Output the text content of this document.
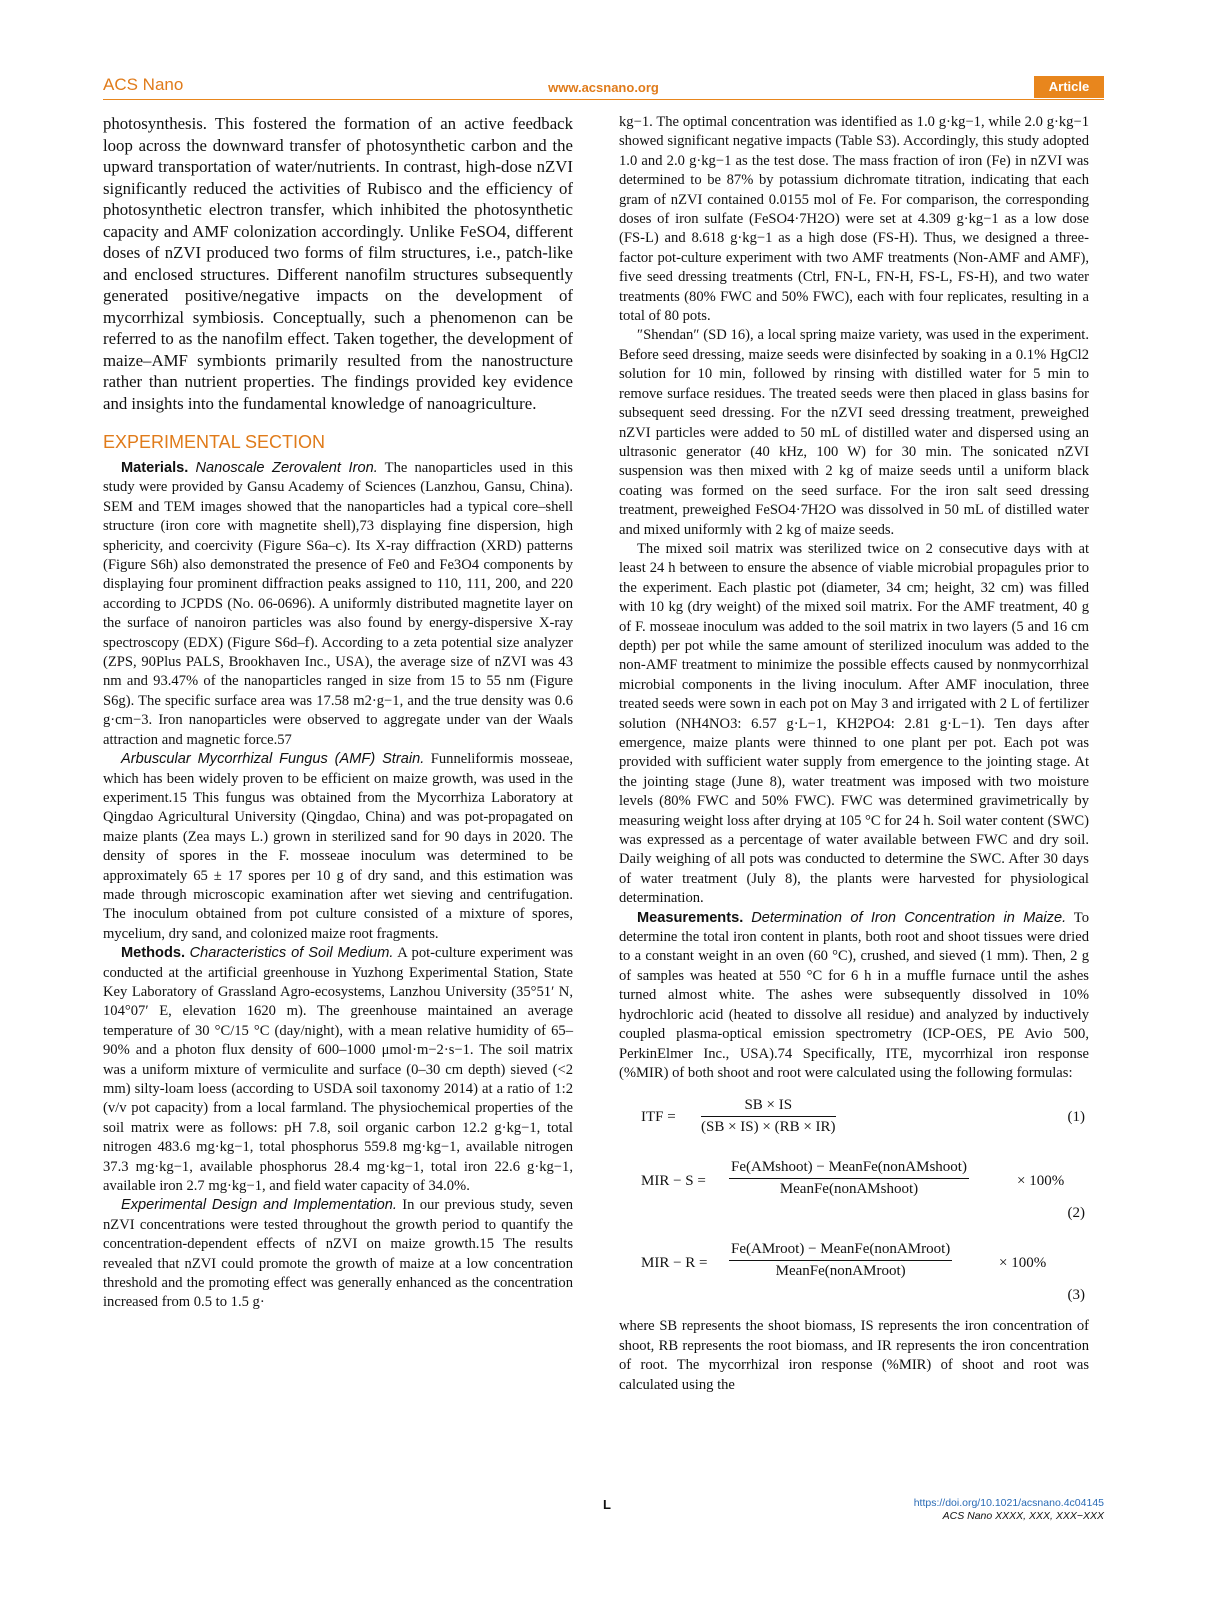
ACS Nano	www.acsnano.org	Article

photosynthesis. This fostered the formation of an active feedback loop across the downward transfer of photosynthetic carbon and the upward transportation of water/nutrients. In contrast, high-dose nZVI significantly reduced the activities of Rubisco and the efficiency of photosynthetic electron transfer, which inhibited the photosynthetic capacity and AMF colonization accordingly. Unlike FeSO4, different doses of nZVI produced two forms of film structures, i.e., patch-like and enclosed structures. Different nanofilm structures subsequently generated positive/negative impacts on the development of mycorrhizal symbiosis. Conceptually, such a phenomenon can be referred to as the nanofilm effect. Taken together, the development of maize–AMF symbionts primarily resulted from the nanostructure rather than nutrient properties. The findings provided key evidence and insights into the fundamental knowledge of nanoagriculture.

EXPERIMENTAL SECTION

Materials. Nanoscale Zerovalent Iron. The nanoparticles used in this study were provided by Gansu Academy of Sciences (Lanzhou, Gansu, China). SEM and TEM images showed that the nanoparticles had a typical core–shell structure (iron core with magnetite shell),73 displaying fine dispersion, high sphericity, and coercivity (Figure S6a–c). Its X-ray diffraction (XRD) patterns (Figure S6h) also demonstrated the presence of Fe0 and Fe3O4 components by displaying four prominent diffraction peaks assigned to 110, 111, 200, and 220 according to JCPDS (No. 06-0696). A uniformly distributed magnetite layer on the surface of nanoiron particles was also found by energy-dispersive X-ray spectroscopy (EDX) (Figure S6d–f). According to a zeta potential size analyzer (ZPS, 90Plus PALS, Brookhaven Inc., USA), the average size of nZVI was 43 nm and 93.47% of the nanoparticles ranged in size from 15 to 55 nm (Figure S6g). The specific surface area was 17.58 m2·g−1, and the true density was 0.6 g·cm−3. Iron nanoparticles were observed to aggregate under van der Waals attraction and magnetic force.57

Arbuscular Mycorrhizal Fungus (AMF) Strain. Funneliformis mosseae, which has been widely proven to be efficient on maize growth, was used in the experiment.15 This fungus was obtained from the Mycorrhiza Laboratory at Qingdao Agricultural University (Qingdao, China) and was pot-propagated on maize plants (Zea mays L.) grown in sterilized sand for 90 days in 2020. The density of spores in the F. mosseae inoculum was determined to be approximately 65 ± 17 spores per 10 g of dry sand, and this estimation was made through microscopic examination after wet sieving and centrifugation. The inoculum obtained from pot culture consisted of a mixture of spores, mycelium, dry sand, and colonized maize root fragments.

Methods. Characteristics of Soil Medium. A pot-culture experiment was conducted at the artificial greenhouse in Yuzhong Experimental Station, State Key Laboratory of Grassland Agro-ecosystems, Lanzhou University (35°51′ N, 104°07′ E, elevation 1620 m). The greenhouse maintained an average temperature of 30 °C/15 °C (day/night), with a mean relative humidity of 65–90% and a photon flux density of 600–1000 μmol·m−2·s−1. The soil matrix was a uniform mixture of vermiculite and surface (0–30 cm depth) sieved (<2 mm) silty-loam loess (according to USDA soil taxonomy 2014) at a ratio of 1:2 (v/v pot capacity) from a local farmland. The physiochemical properties of the soil matrix were as follows: pH 7.8, soil organic carbon 12.2 g·kg−1, total nitrogen 483.6 mg·kg−1, total phosphorus 559.8 mg·kg−1, available nitrogen 37.3 mg·kg−1, available phosphorus 28.4 mg·kg−1, total iron 22.6 g·kg−1, available iron 2.7 mg·kg−1, and field water capacity of 34.0%.

Experimental Design and Implementation. In our previous study, seven nZVI concentrations were tested throughout the growth period to quantify the concentration-dependent effects of nZVI on maize growth.15 The results revealed that nZVI could promote the growth of maize at a low concentration threshold and the promoting effect was generally enhanced as the concentration increased from 0.5 to 1.5 g·

kg−1. The optimal concentration was identified as 1.0 g·kg−1, while 2.0 g·kg−1 showed significant negative impacts (Table S3). Accordingly, this study adopted 1.0 and 2.0 g·kg−1 as the test dose. The mass fraction of iron (Fe) in nZVI was determined to be 87% by potassium dichromate titration, indicating that each gram of nZVI contained 0.0155 mol of Fe. For comparison, the corresponding doses of iron sulfate (FeSO4·7H2O) were set at 4.309 g·kg−1 as a low dose (FS-L) and 8.618 g·kg−1 as a high dose (FS-H). Thus, we designed a three-factor pot-culture experiment with two AMF treatments (Non-AMF and AMF), five seed dressing treatments (Ctrl, FN-L, FN-H, FS-L, FS-H), and two water treatments (80% FWC and 50% FWC), each with four replicates, resulting in a total of 80 pots.

″Shendan″ (SD 16), a local spring maize variety, was used in the experiment. Before seed dressing, maize seeds were disinfected by soaking in a 0.1% HgCl2 solution for 10 min, followed by rinsing with distilled water for 5 min to remove surface residues. The treated seeds were then placed in glass basins for subsequent seed dressing. For the nZVI seed dressing treatment, preweighed nZVI particles were added to 50 mL of distilled water and dispersed using an ultrasonic generator (40 kHz, 100 W) for 30 min. The sonicated nZVI suspension was then mixed with 2 kg of maize seeds until a uniform black coating was formed on the seed surface. For the iron salt seed dressing treatment, preweighed FeSO4·7H2O was dissolved in 50 mL of distilled water and mixed uniformly with 2 kg of maize seeds.

The mixed soil matrix was sterilized twice on 2 consecutive days with at least 24 h between to ensure the absence of viable microbial propagules prior to the experiment. Each plastic pot (diameter, 34 cm; height, 32 cm) was filled with 10 kg (dry weight) of the mixed soil matrix. For the AMF treatment, 40 g of F. mosseae inoculum was added to the soil matrix in two layers (5 and 16 cm depth) per pot while the same amount of sterilized inoculum was added to the non-AMF treatment to minimize the possible effects caused by nonmycorrhizal microbial components in the living inoculum. After AMF inoculation, three treated seeds were sown in each pot on May 3 and irrigated with 2 L of fertilizer solution (NH4NO3: 6.57 g·L−1, KH2PO4: 2.81 g·L−1). Ten days after emergence, maize plants were thinned to one plant per pot. Each pot was provided with sufficient water supply from emergence to the jointing stage. At the jointing stage (June 8), water treatment was imposed with two moisture levels (80% FWC and 50% FWC). FWC was determined gravimetrically by measuring weight loss after drying at 105 °C for 24 h. Soil water content (SWC) was expressed as a percentage of water available between FWC and dry soil. Daily weighing of all pots was conducted to determine the SWC. After 30 days of water treatment (July 8), the plants were harvested for physiological determination.

Measurements. Determination of Iron Concentration in Maize. To determine the total iron content in plants, both root and shoot tissues were dried to a constant weight in an oven (60 °C), crushed, and sieved (1 mm). Then, 2 g of samples was heated at 550 °C for 6 h in a muffle furnace until the ashes turned almost white. The ashes were subsequently dissolved in 10% hydrochloric acid (heated to dissolve all residue) and analyzed by inductively coupled plasma-optical emission spectrometry (ICP-OES, PE Avio 500, PerkinElmer Inc., USA).74 Specifically, ITE, mycorrhizal iron response (%MIR) of both shoot and root were calculated using the following formulas:

ITF = $\frac{SB \times IS}{(SB \times IS) \times (RB \times IR)}$	(1)
MIR − S =
Fe(AMshoot) − MeanFe(nonAMshoot)
MeanFe(nonAMshoot)	× 100%
(2)
MIR − R =
Fe(AMroot) − MeanFe(nonAMroot)
MeanFe(nonAMroot)	× 100%
(3)

where SB represents the shoot biomass, IS represents the iron concentration of shoot, RB represents the root biomass, and IR represents the iron concentration of root. The mycorrhizal iron response (%MIR) of shoot and root was calculated using the

L	https://doi.org/10.1021/acsnano.4c04145
ACS Nano XXXX, XXX, XXX−XXX
